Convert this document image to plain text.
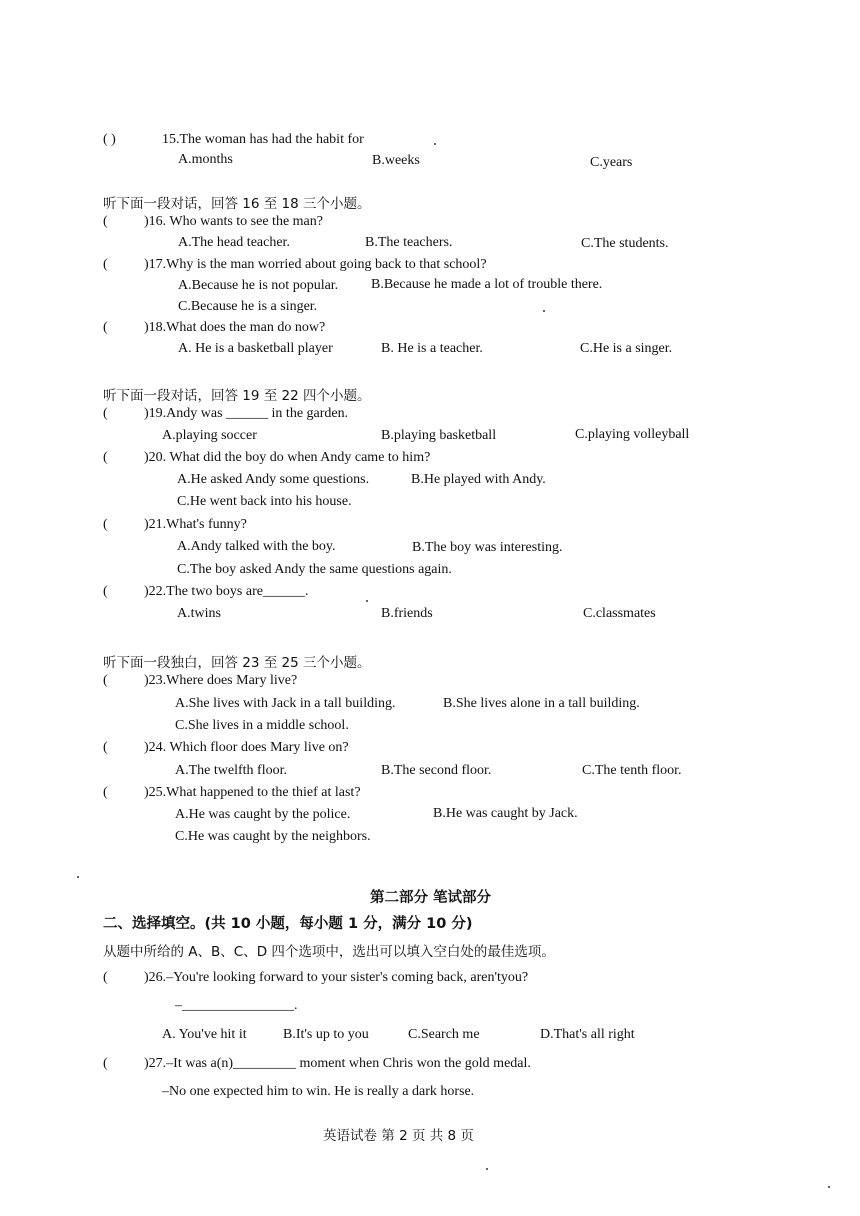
( )	15.The woman has had the habit for
A.months	B.weeks	C.years
听下面一段对话，回答 16 至 18 三个小题。
(	)16. Who wants to see the man?
A.The head teacher.	B.The teachers.	C.The students.
(	)17.Why is the man worried about going back to that school?
A.Because he is not popular. B.Because he made a lot of trouble there.
C.Because he is a singer.
(	)18.What does the man do now?
A. He is a basketball player	B. He is a teacher.	C.He is a singer.
听下面一段对话，回答 19 至 22 四个小题。
(	)19.Andy was ______ in the garden.
A.playing soccer	B.playing basketball	C.playing volleyball
(	)20. What did the boy do when Andy came to him?
A.He asked Andy some questions.	B.He played with Andy.
C.He went back into his house.
(	)21.What's funny?
A.Andy talked with the boy.	B.The boy was interesting.
C.The boy asked Andy the same questions again.
(	)22.The two boys are______.
A.twins	B.friends	C.classmates
听下面一段独白，回答 23 至 25 三个小题。
(	)23.Where does Mary live?
A.She lives with Jack in a tall building.	B.She lives alone in a tall building.
C.She lives in a middle school.
(	)24. Which floor does Mary live on?
A.The twelfth floor.	B.The second floor.	C.The tenth floor.
(	)25.What happened to the thief at last?
A.He was caught by the police.	B.He was caught by Jack.
C.He was caught by the neighbors.
第二部分 笔试部分
二、选择填空。(共 10 小题，每小题 1 分，满分 10 分)
从题中所给的 A、B、C、D 四个选项中，选出可以填入空白处的最佳选项。
(	)26.–You're looking forward to your sister's coming back, aren'tyou?
–________________.
A. You've hit it	B.It's up to you	C.Search me	D.That's all right
(	)27.–It was a(n)_________ moment when Chris won the gold medal.
–No one expected him to win. He is really a dark horse.
英语试卷 第 2 页 共 8 页
